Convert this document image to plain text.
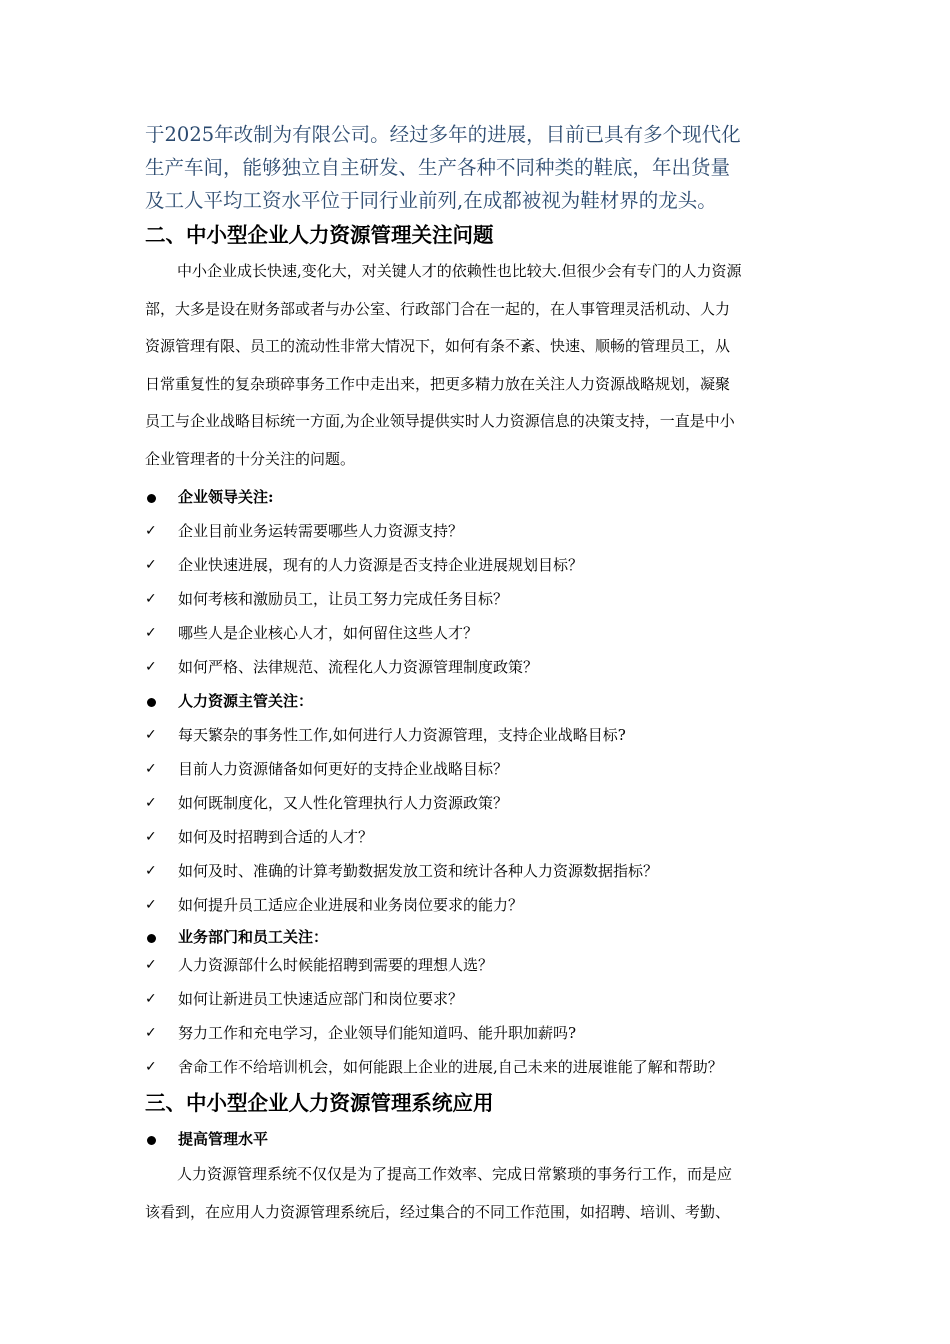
于2025年改制为有限公司。经过多年的进展，目前已具有多个现代化
生产车间，能够独立自主研发、生产各种不同种类的鞋底，年出货量
及工人平均工资水平位于同行业前列,在成都被视为鞋材界的龙头。
二、中小型企业人力资源管理关注问题
中小企业成长快速,变化大，对关键人才的依赖性也比较大.但很少会有专门的人力资源
部，大多是设在财务部或者与办公室、行政部门合在一起的，在人事管理灵活机动、人力
资源管理有限、员工的流动性非常大情况下，如何有条不紊、快速、顺畅的管理员工，从
日常重复性的复杂琐碎事务工作中走出来，把更多精力放在关注人力资源战略规划，凝聚
员工与企业战略目标统一方面,为企业领导提供实时人力资源信息的决策支持，一直是中小
企业管理者的十分关注的问题。
企业领导关注:
✓ 企业目前业务运转需要哪些人力资源支持？
✓ 企业快速进展，现有的人力资源是否支持企业进展规划目标？
✓ 如何考核和激励员工，让员工努力完成任务目标？
✓ 哪些人是企业核心人才，如何留住这些人才？
✓ 如何严格、法律规范、流程化人力资源管理制度政策？
人力资源主管关注：
✓ 每天繁杂的事务性工作,如何进行人力资源管理，支持企业战略目标?
✓ 目前人力资源储备如何更好的支持企业战略目标？
✓ 如何既制度化，又人性化管理执行人力资源政策？
✓ 如何及时招聘到合适的人才？
✓ 如何及时、准确的计算考勤数据发放工资和统计各种人力资源数据指标？
✓ 如何提升员工适应企业进展和业务岗位要求的能力？
业务部门和员工关注：
✓ 人力资源部什么时候能招聘到需要的理想人选？
✓ 如何让新进员工快速适应部门和岗位要求？
✓ 努力工作和充电学习，企业领导们能知道吗、能升职加薪吗?
✓ 舍命工作不给培训机会，如何能跟上企业的进展,自己未来的进展谁能了解和帮助？
三、中小型企业人力资源管理系统应用
提高管理水平
人力资源管理系统不仅仅是为了提高工作效率、完成日常繁琐的事务行工作，而是应
该看到，在应用人力资源管理系统后，经过集合的不同工作范围，如招聘、培训、考勤、
